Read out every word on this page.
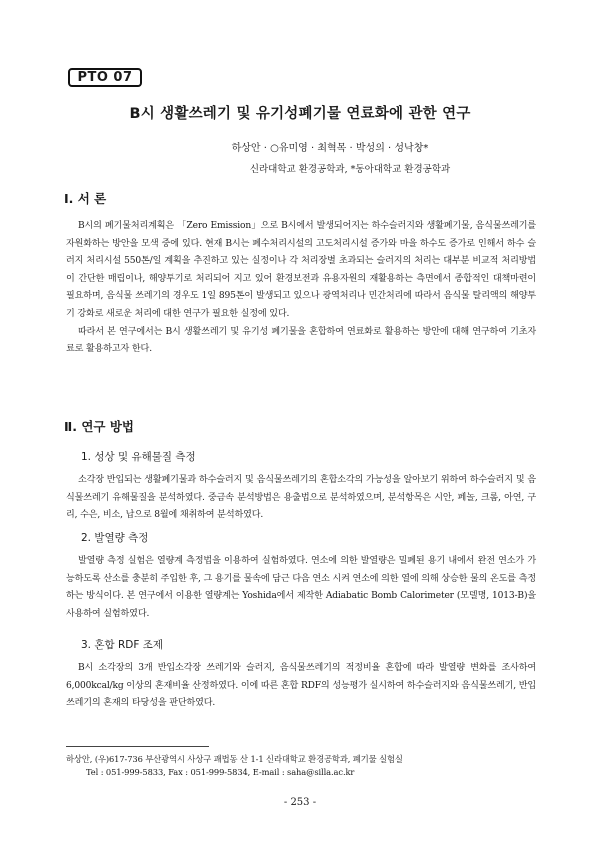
PTO 07
B시 생활쓰레기 및 유기성폐기물 연료화에 관한 연구
하상안 · ○유미영 · 최혁목 · 박성의 · 성낙창*
신라대학교 환경공학과, *동아대학교 환경공학과
Ⅰ. 서 론

B시의 폐기물처리계획은 「Zero Emission」으로 B시에서 발생되어지는 하수슬러지와 생활폐기물, 음식물쓰레기를 자원화하는 방안을 모색 중에 있다. 현재 B시는 폐수처리시설의 고도처리시설 증가와 마을 하수도 증가로 인해서 하수 슬러지 처리시설 550톤/일 계획을 추진하고 있는 실정이나 각 처리장별 초과되는 슬러지의 처리는 대부분 비교적 처리방법이 간단한 매립이나, 해양투기로 처리되어 지고 있어 환경보전과 유용자원의 재활용하는 측면에서 종합적인 대책마련이 필요하며, 음식물 쓰레기의 경우도 1일 895톤이 발생되고 있으나 광역처리나 민간처리에 따라서 음식물 탈리액의 해양투기 강화로 새로운 처리에 대한 연구가 필요한 실정에 있다.

따라서 본 연구에서는 B시 생활쓰레기 및 유기성 폐기물을 혼합하여 연료화로 활용하는 방안에 대해 연구하여 기초자료로 활용하고자 한다.

Ⅱ. 연구 방법
1. 성상 및 유해물질 측정

소각장 반입되는 생활폐기물과 하수슬러지 및 음식물쓰레기의 혼합소각의 가능성을 알아보기 위하여 하수슬러지 및 음식물쓰레기 유해물질을 분석하였다. 중금속 분석방법은 용출법으로 분석하였으며, 분석항목은 시안, 페놀, 크롬, 아연, 구리, 수은, 비소, 납으로 8월에 채취하여 분석하였다.

2. 발열량 측정

발열량 측정 실험은 열량계 측정법을 이용하여 실험하였다. 연소에 의한 발열량은 밀폐된 용기 내에서 완전 연소가 가능하도록 산소를 충분히 주입한 후, 그 용기를 물속에 담근 다음 연소 시켜 연소에 의한 열에 의해 상승한 물의 온도를 측정하는 방식이다. 본 연구에서 이용한 열량계는 Yoshida에서 제작한 Adiabatic Bomb Calorimeter (모델명, 1013-B)을 사용하여 실험하였다.

3. 혼합 RDF 조제

B시 소각장의 3개 반입소각장 쓰레기와 슬러지, 음식물쓰레기의 적정비율 혼합에 따라 발열량 변화를 조사하여 6,000kcal/kg 이상의 혼재비율 산정하였다. 이에 따른 혼합 RDF의 성능평가 실시하여 하수슬러지와 음식물쓰레기, 반입쓰레기의 혼재의 타당성을 판단하였다.

하상안, (우)617-736 부산광역시 사상구 괘법동 산 1-1 신라대학교 환경공학과, 폐기물 실험실
Tel : 051-999-5833, Fax : 051-999-5834, E-mail : saha@silla.ac.kr
- 253 -
